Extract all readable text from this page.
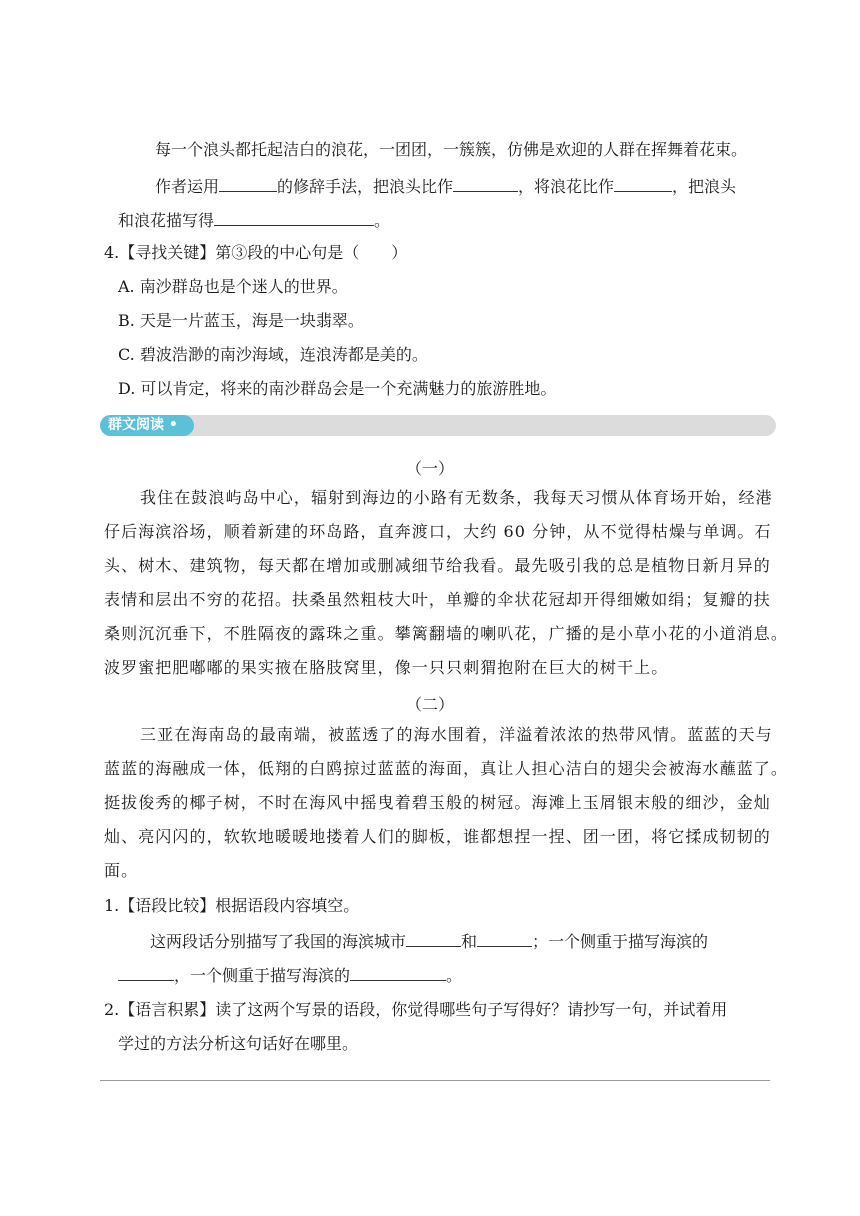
每一个浪头都托起洁白的浪花，一团团，一簇簇，仿佛是欢迎的人群在挥舞着花束。
作者运用	的修辞手法，把浪头比作	，将浪花比作	，把浪头
和浪花描写得	。
4.【寻找关键】第③段的中心句是（　　）
A. 南沙群岛也是个迷人的世界。
B. 天是一片蓝玉，海是一块翡翠。
C. 碧波浩渺的南沙海域，连浪涛都是美的。
D. 可以肯定，将来的南沙群岛会是一个充满魅力的旅游胜地。
群文阅读 •
（一）
我住在鼓浪屿岛中心，辐射到海边的小路有无数条，我每天习惯从体育场开始，经港
仔后海滨浴场，顺着新建的环岛路，直奔渡口，大约 60 分钟，从不觉得枯燥与单调。石
头、树木、建筑物，每天都在增加或删减细节给我看。最先吸引我的总是植物日新月异的
表情和层出不穷的花招。扶桑虽然粗枝大叶，单瓣的伞状花冠却开得细嫩如绢；复瓣的扶
桑则沉沉垂下，不胜隔夜的露珠之重。攀篱翻墙的喇叭花，广播的是小草小花的小道消息。
波罗蜜把肥嘟嘟的果实掖在胳肢窝里，像一只只刺猬抱附在巨大的树干上。
（二）
三亚在海南岛的最南端，被蓝透了的海水围着，洋溢着浓浓的热带风情。蓝蓝的天与
蓝蓝的海融成一体，低翔的白鸥掠过蓝蓝的海面，真让人担心洁白的翅尖会被海水蘸蓝了。
挺拔俊秀的椰子树，不时在海风中摇曳着碧玉般的树冠。海滩上玉屑银末般的细沙，金灿
灿、亮闪闪的，软软地暖暖地搂着人们的脚板，谁都想捏一捏、团一团，将它揉成韧韧的
面。
1.【语段比较】根据语段内容填空。
这两段话分别描写了我国的海滨城市	和	；一个侧重于描写海滨的
，一个侧重于描写海滨的	。
2.【语言积累】读了这两个写景的语段，你觉得哪些句子写得好？请抄写一句，并试着用
学过的方法分析这句话好在哪里。
